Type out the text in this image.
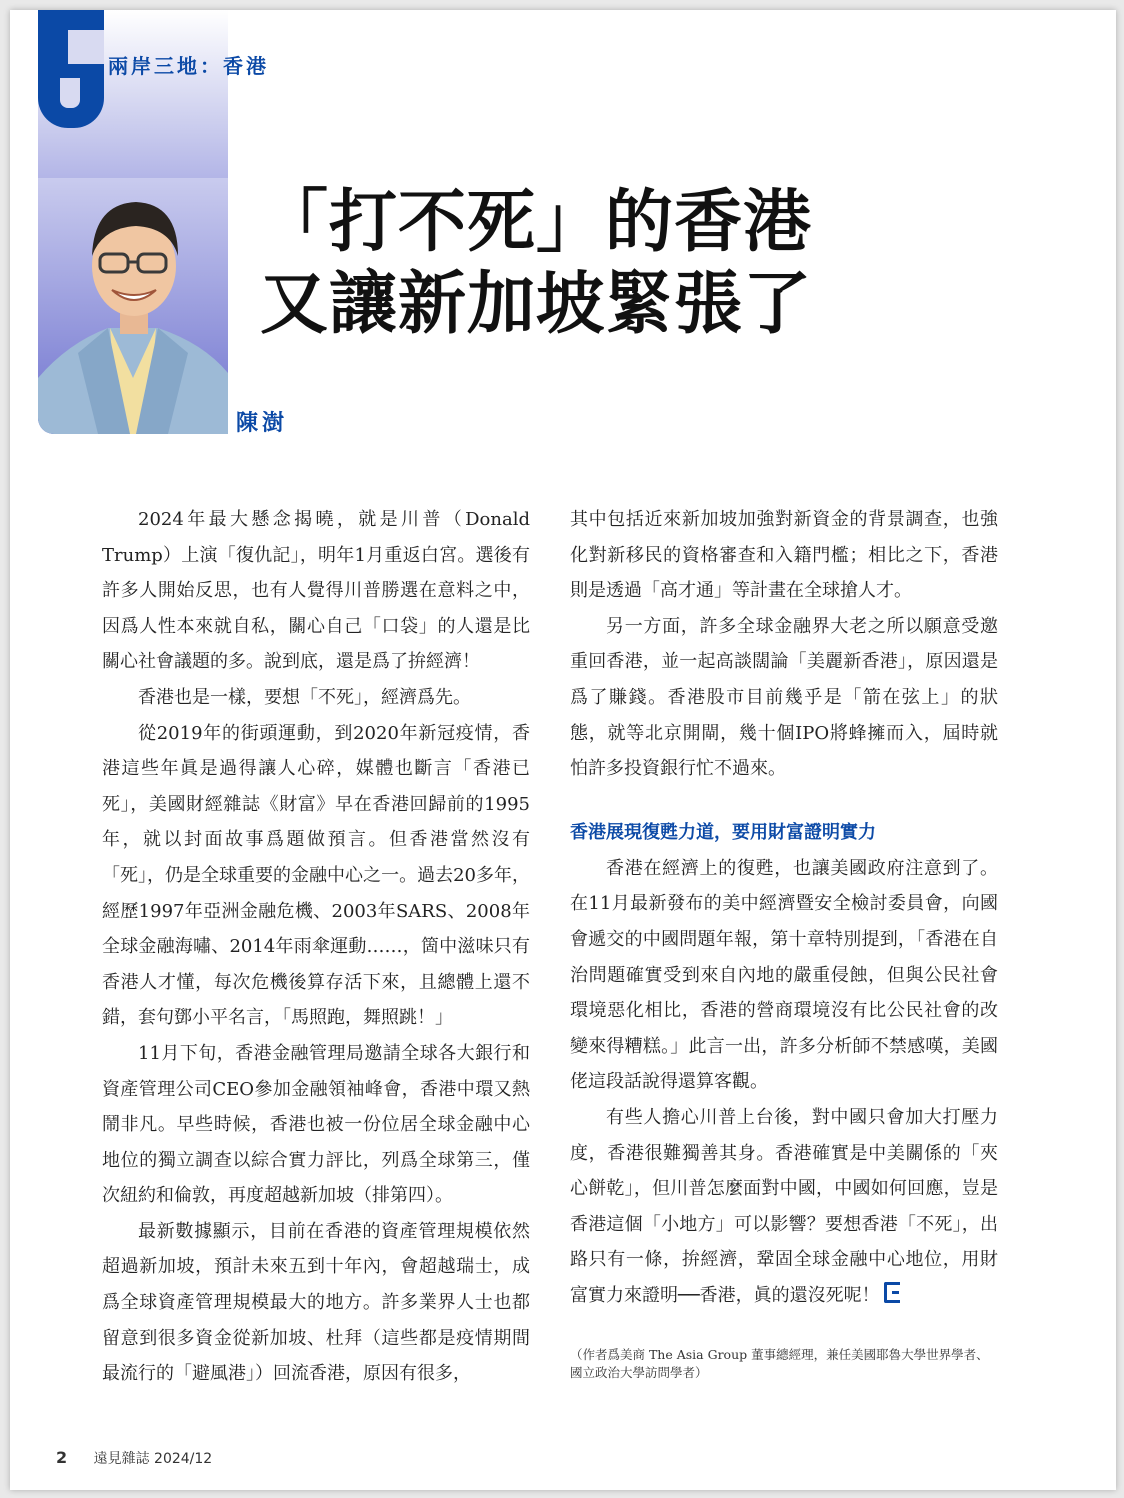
兩岸三地：香港
「打不死」的香港
又讓新加坡緊張了
陳澍

2024年最大懸念揭曉，就是川普（Donald Trump）上演「復仇記」，明年1月重返白宮。選後有許多人開始反思，也有人覺得川普勝選在意料之中，因爲人性本來就自私，關心自己「口袋」的人還是比關心社會議題的多。說到底，還是爲了拚經濟！

香港也是一樣，要想「不死」，經濟爲先。

從2019年的街頭運動，到2020年新冠疫情，香港這些年眞是過得讓人心碎，媒體也斷言「香港已死」，美國財經雜誌《財富》早在香港回歸前的1995年，就以封面故事爲題做預言。但香港當然沒有「死」，仍是全球重要的金融中心之一。過去20多年，經歷1997年亞洲金融危機、2003年SARS、2008年全球金融海嘯、2014年雨傘運動……，箇中滋味只有香港人才懂，每次危機後算存活下來，且總體上還不錯，套句鄧小平名言，「馬照跑，舞照跳！」

11月下旬，香港金融管理局邀請全球各大銀行和資產管理公司CEO參加金融領袖峰會，香港中環又熱鬧非凡。早些時候，香港也被一份位居全球金融中心地位的獨立調查以綜合實力評比，列爲全球第三，僅次紐約和倫敦，再度超越新加坡（排第四）。

最新數據顯示，目前在香港的資產管理規模依然超過新加坡，預計未來五到十年內，會超越瑞士，成爲全球資產管理規模最大的地方。許多業界人士也都留意到很多資金從新加坡、杜拜（這些都是疫情期間最流行的「避風港」）回流香港，原因有很多，

其中包括近來新加坡加強對新資金的背景調查，也強化對新移民的資格審查和入籍門檻；相比之下，香港則是透過「高才通」等計畫在全球搶人才。

另一方面，許多全球金融界大老之所以願意受邀重回香港，並一起高談闊論「美麗新香港」，原因還是爲了賺錢。香港股市目前幾乎是「箭在弦上」的狀態，就等北京開閘，幾十個IPO將蜂擁而入，屆時就怕許多投資銀行忙不過來。

香港展現復甦力道，要用財富證明實力

香港在經濟上的復甦，也讓美國政府注意到了。在11月最新發布的美中經濟暨安全檢討委員會，向國會遞交的中國問題年報，第十章特別提到，「香港在自治問題確實受到來自內地的嚴重侵蝕，但與公民社會環境惡化相比，香港的營商環境沒有比公民社會的改變來得糟糕。」此言一出，許多分析師不禁感嘆，美國佬這段話說得還算客觀。

有些人擔心川普上台後，對中國只會加大打壓力度，香港很難獨善其身。香港確實是中美關係的「夾心餅乾」，但川普怎麼面對中國，中國如何回應，豈是香港這個「小地方」可以影響？要想香港「不死」，出路只有一條，拚經濟，鞏固全球金融中心地位，用財富實力來證明──香港，眞的還沒死呢！

（作者爲美商 The Asia Group 董事總經理，兼任美國耶魯大學世界學者、國立政治大學訪問學者）
2 遠見雜誌 2024/12
